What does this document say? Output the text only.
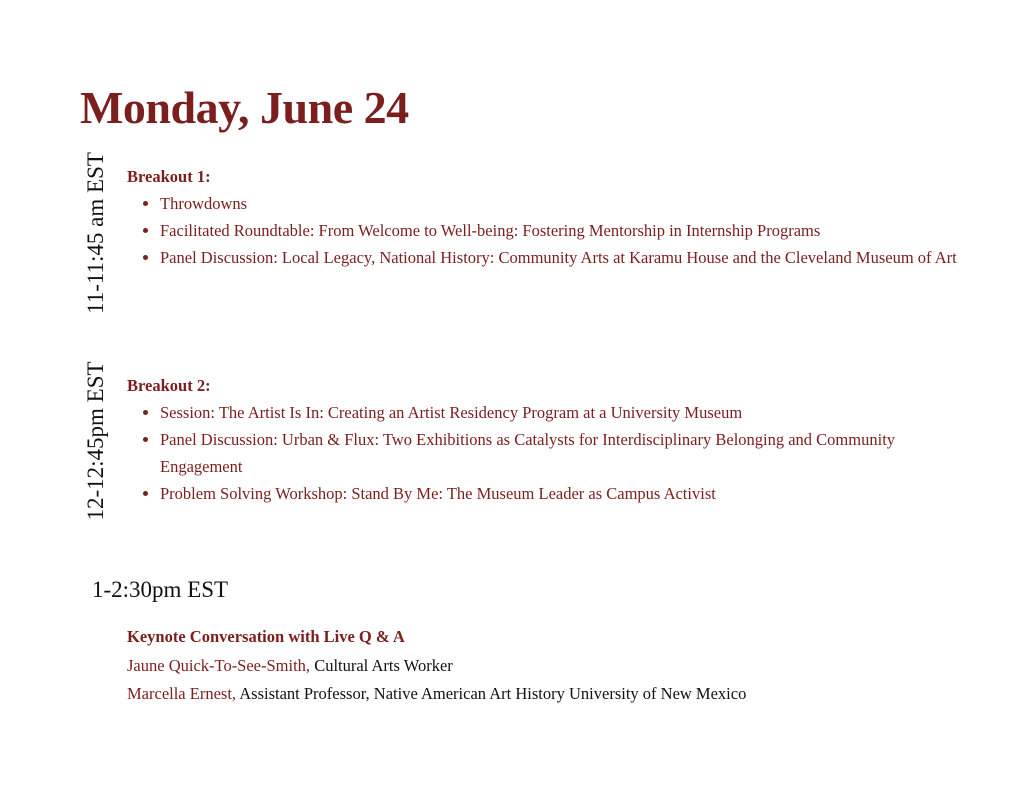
Monday, June 24
11-11:45 am EST Breakout 1:

• Throwdowns
• Facilitated Roundtable: From Welcome to Well-being: Fostering Mentorship in Internship Programs
• Panel Discussion: Local Legacy, National History: Community Arts at Karamu House and the Cleveland Museum of Art
12-12:45pm EST Breakout 2:

• Session: The Artist Is In: Creating an Artist Residency Program at a University Museum
• Panel Discussion: Urban & Flux: Two Exhibitions as Catalysts for Interdisciplinary Belonging and Community Engagement
• Problem Solving Workshop: Stand By Me: The Museum Leader as Campus Activist
1-2:30pm EST
Keynote Conversation with Live Q & A
Jaune Quick-To-See-Smith, Cultural Arts Worker
Marcella Ernest, Assistant Professor, Native American Art History University of New Mexico
